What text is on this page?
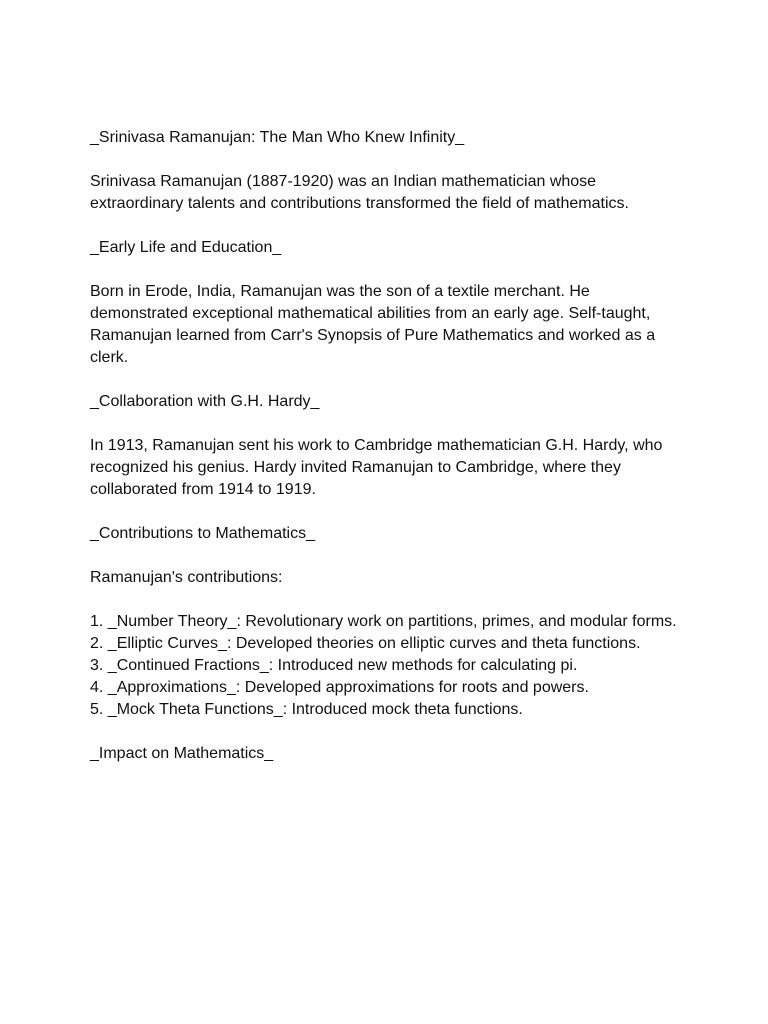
_Srinivasa Ramanujan: The Man Who Knew Infinity_

Srinivasa Ramanujan (1887-1920) was an Indian mathematician whose extraordinary talents and contributions transformed the field of mathematics.

_Early Life and Education_

Born in Erode, India, Ramanujan was the son of a textile merchant. He demonstrated exceptional mathematical abilities from an early age. Self-taught, Ramanujan learned from Carr's Synopsis of Pure Mathematics and worked as a clerk.

_Collaboration with G.H. Hardy_

In 1913, Ramanujan sent his work to Cambridge mathematician G.H. Hardy, who recognized his genius. Hardy invited Ramanujan to Cambridge, where they collaborated from 1914 to 1919.

_Contributions to Mathematics_

Ramanujan's contributions:

1. _Number Theory_: Revolutionary work on partitions, primes, and modular forms.
2. _Elliptic Curves_: Developed theories on elliptic curves and theta functions.
3. _Continued Fractions_: Introduced new methods for calculating pi.
4. _Approximations_: Developed approximations for roots and powers.
5. _Mock Theta Functions_: Introduced mock theta functions.

_Impact on Mathematics_
